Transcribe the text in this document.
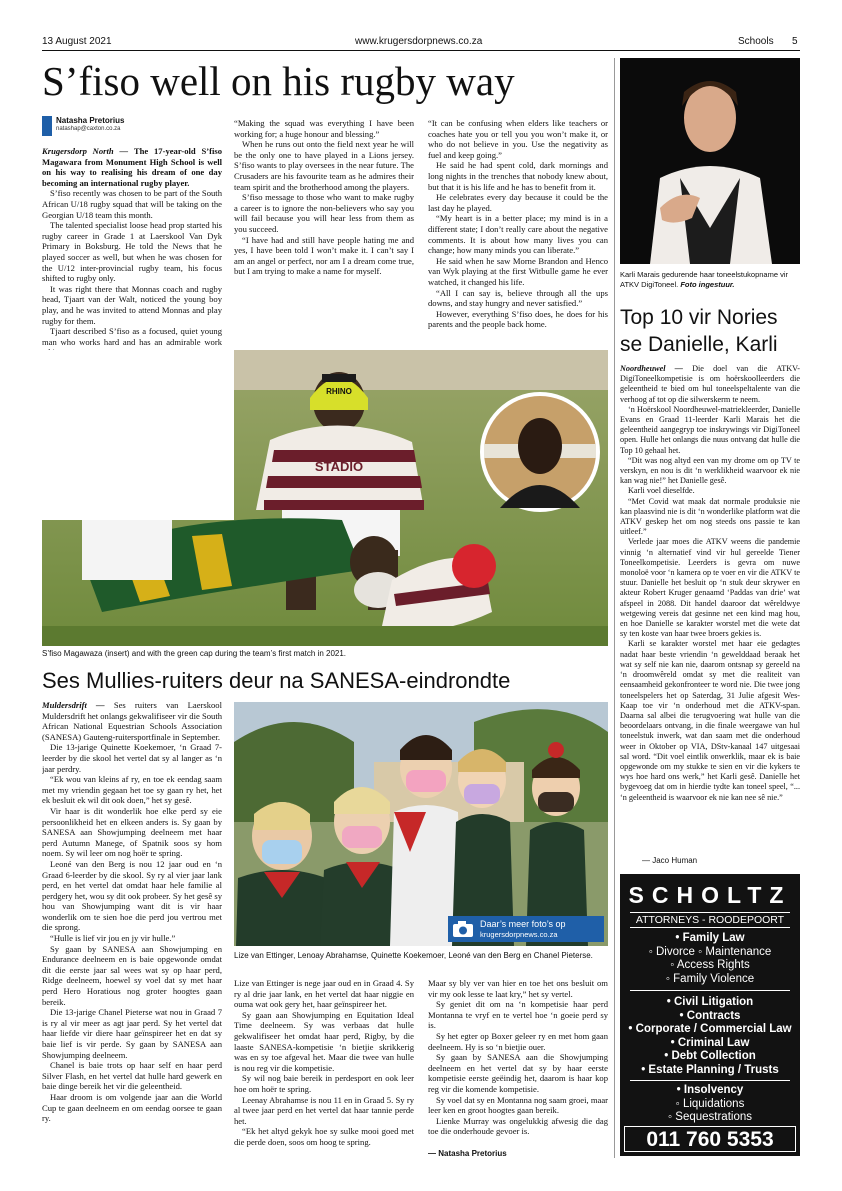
13 August 2021	www.krugersdorpnews.co.za	Schools 5
S’fiso well on his rugby way
Natasha Pretorius
natashap@caxton.co.za

Krugersdorp North — The 17-year-old S’fiso Magawara from Monument High School is well on his way to realising his dream of one day becoming an international rugby player.

S’fiso recently was chosen to be part of the South African U/18 rugby squad that will be taking on the Georgian U/18 team this month.

The talented specialist loose head prop started his rugby career in Grade 1 at Laerskool Van Dyk Primary in Boksburg. He told the News that he played soccer as well, but when he was chosen for the U/12 inter-provincial rugby team, his focus shifted to rugby only.

It was right there that Monnas coach and rugby head, Tjaart van der Walt, noticed the young boy play, and he was invited to attend Monnas and play rugby for them.

Tjaart described S’fiso as a focused, quiet young man who works hard and has an admirable work

“Making the squad was everything I have been working for; a huge honour and blessing.”

When he runs out onto the field next year he will be the only one to have played in a Lions jersey. S’fiso wants to play oversees in the near future. The Crusaders are his favourite team as he admires their team spirit and the brotherhood among the players.

S’fiso message to those who want to make rugby a career is to ignore the non-believers who say you will fail because you will hear less from them as you succeed.

“I have had and still have people hating me and yes, I have been told I won’t make it. I can’t say I am an angel or perfect, nor am I a dream come true, but I am trying to make a name for myself.

“It can be confusing when elders like teachers or coaches hate you or tell you you won’t make it, or who do not believe in you. Use the negativity as fuel and keep going.”

He said he had spent cold, dark mornings and long nights in the trenches that nobody knew about, but that it is his life and he has to benefit from it.

He celebrates every day because it could be the last day he played.

“My heart is in a better place; my mind is in a different state; I don’t really care about the negative comments. It is about how many lives you can change; how many minds you can liberate.”

He said when he saw Morne Brandon and Henco van Wyk playing at the first Witbulle game he ever watched, it changed his life.

“All I can say is, believe through all the ups downs, and stay hungry and never satisfied.”

However, everything S’fiso does, he does for his parents and the people back home.

RHINO
STADIO
S’fiso Magawaza (insert) and with the green cap during the team’s first match in 2021.
Ses Mullies-ruiters deur na SANESA-eindrondte

Muldersdrift — Ses ruiters van Laerskool Muldersdrift het onlangs gekwalifiseer vir die South African National Equestrian Schools Association (SANESA) Gauteng-ruitersportfinale in September.

Die 13-jarige Quinette Koekemoer, ‘n Graad 7-leerder by die skool het vertel dat sy al langer as ‘n jaar perdry.

“Ek wou van kleins af ry, en toe ek eendag saam met my vriendin gegaan het toe sy gaan ry het, het ek besluit ek wil dit ook doen,” het sy gesê.

Vir haar is dit wonderlik hoe elke perd sy eie persoonlikheid het en elkeen anders is. Sy gaan by SANESA aan Showjumping deelneem met haar perd Autumn Manege, of Spatnik soos sy hom noem. Sy wil leer om nog hoër te spring.

Leoné van den Berg is nou 12 jaar oud en ‘n Graad 6-leerder by die skool. Sy ry al vier jaar lank perd, en het vertel dat omdat haar hele familie al perdgery het, wou sy dit ook probeer. Sy het gesê sy hou van Showjumping want dit is vir haar wonderlik om te sien hoe die perd jou vertrou met die sprong.

“Hulle is lief vir jou en jy vir hulle.”

Sy gaan by SANESA aan Showjumping en Endurance deelneem en is baie opgewonde omdat dit die eerste jaar sal wees wat sy op haar perd, Ridge deelneem, hoewel sy voel dat sy met haar perd Hero Horatious nog groter hoogtes gaan bereik.

Die 13-jarige Chanel Pieterse wat nou in Graad 7 is ry al vir meer as agt jaar perd. Sy het vertel dat haar liefde vir diere haar geïnspireer het en dat sy baie lief is vir perde. Sy gaan by SANESA aan Showjumping deelneem.

Chanel is baie trots op haar self en haar perd Silver Flash, en het vertel dat hulle hard gewerk en baie dinge bereik het vir die geleentheid.

Haar droom is om volgende jaar aan die World Cup te gaan deelneem en om eendag oorsee te gaan ry.

Daar’s meer foto’s op
krugersdorpnews.co.za
Lize van Ettinger, Lenoay Abrahamse, Quinette Koekemoer, Leoné van den Berg en Chanel Pieterse.

Lize van Ettinger is nege jaar oud en in Graad 4. Sy ry al drie jaar lank, en het vertel dat haar niggie en ouma wat ook gery het, haar geïnspireer het.

Sy gaan aan Showjumping en Equitation Ideal Time deelneem. Sy was verbaas dat hulle gekwalifiseer het omdat haar perd, Rigby, by die laaste SANESA-kompetisie ‘n bietjie skrikkerig was en sy toe afgeval het. Maar die twee van hulle is nou reg vir die kompetisie.

Sy wil nog baie bereik in perdesport en ook leer hoe om hoër te spring.

Leenay Abrahamse is nou 11 en in Graad 5. Sy ry al twee jaar perd en het vertel dat haar tannie perde het.

“Ek het altyd gekyk hoe sy sulke mooi goed met die perde doen, soos om hoog te spring.

Maar sy bly ver van hier en toe het ons besluit om vir my ook lesse te laat kry,” het sy vertel.

Sy geniet dit om na ‘n kompetisie haar perd Montanna te vryf en te vertel hoe ‘n goeie perd sy is.

Sy het egter op Boxer geleer ry en met hom gaan deelneem. Hy is so ‘n bietjie ouer.

Sy gaan by SANESA aan die Showjumping deelneem en het vertel dat sy by haar eerste kompetisie eerste geëindig het, daarom is haar kop reg vir die komende kompetisie.

Sy voel dat sy en Montanna nog saam groei, maar leer ken en groot hoogtes gaan bereik.

Lienke Murray was ongelukkig afwesig die dag toe die onderhoude gevoer is.

— Natasha Pretorius
Karli Marais gedurende haar toneelstukopname vir ATKV DigiToneel. Foto ingestuur.
Top 10 vir Nories se Danielle, Karli

Noordheuwel — Die doel van die ATKV-DigiToneelkompetisie is om hoërskoolleerders die geleentheid te bied om hul toneelspeltalente van die verhoog af tot op die silwerskerm te neem.

‘n Hoërskool Noordheuwel-matriekleerder, Danielle Evans en Graad 11-leerder Karli Marais het die geleentheid aangegryp toe inskrywings vir DigiToneel open. Hulle het onlangs die nuus ontvang dat hulle die Top 10 gehaal het.

“Dit was nog altyd een van my drome om op TV te verskyn, en nou is dit ‘n werklikheid waarvoor ek nie kan wag nie!” het Danielle gesê.

Karli voel dieselfde.

“Met Covid wat maak dat normale produksie nie kan plaasvind nie is dit ‘n wonderlike platform wat die ATKV geskep het om nog steeds ons passie te kan uitleef.”

Verlede jaar moes die ATKV weens die pandemie vinnig ‘n alternatief vind vir hul gereelde Tiener Toneelkompetisie. Leerders is gevra om nuwe monoloë voor ‘n kamera op te voer en vir die ATKV te stuur. Danielle het besluit op ‘n stuk deur skrywer en akteur Robert Kruger genaamd ‘Paddas van drie’ wat afspeel in 2088. Dit handel daaroor dat wêreldwye wetgewing vereis dat gesinne net een kind mag hou, en hoe Danielle se karakter worstel met die wete dat sy ten koste van haar twee broers gekies is.

Karli se karakter worstel met haar eie gedagtes nadat haar beste vriendin ‘n gewelddaad beraak het wat sy self nie kan nie, daarom ontsnap sy gereeld na ‘n droomwêreld omdat sy met die realiteit van eensaamheid gekonfronteer te word nie. Die twee jong toneelspelers het op Saterdag, 31 Julie afgesit Wes-Kaap toe vir ‘n onderhoud met die ATKV-span. Daarna sal albei die terugvoering wat hulle van die beoordelaars ontvang, in die finale weergawe van hul toneelstuk inwerk, wat dan saam met die onderhoud weer in Oktober op VIA, DStv-kanaal 147 uitgesaai sal word. “Dit voel eintlik onwerklik, maar ek is baie opgewonde om my stukke te sien en vir die kykers te wys hoe hard ons werk,” het Karli gesê. Danielle het bygevoeg dat om in hierdie tydte kan toneel speel, “... ‘n geleentheid is waarvoor ek nie kan nee sê nie.”

— Jaco Human
SCHOLTZ
ATTORNEYS - ROODEPOORT
• Family Law
◦ Divorce ◦ Maintenance
◦ Access Rights
◦ Family Violence
• Civil Litigation
• Contracts
• Corporate / Commercial Law
• Criminal Law
• Debt Collection
• Estate Planning / Trusts
• Insolvency
◦ Liquidations
◦ Sequestrations
011 760 5353
